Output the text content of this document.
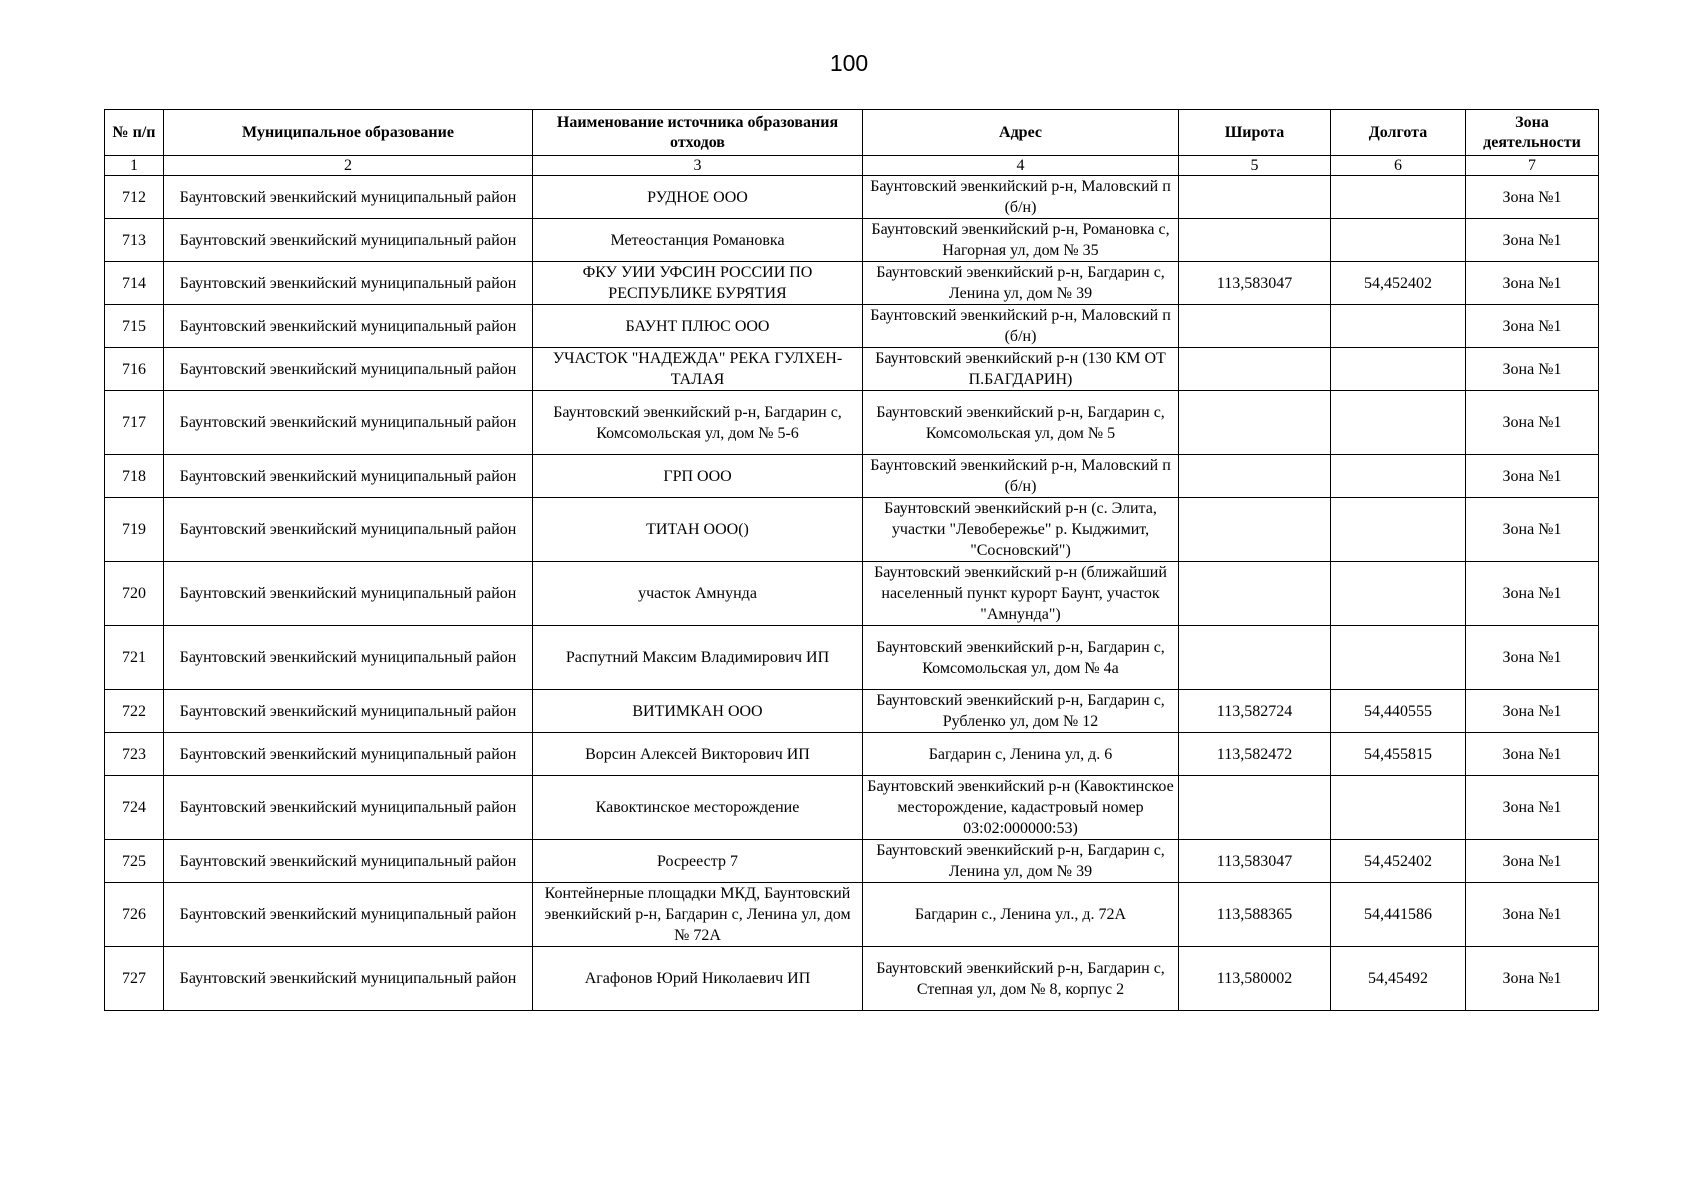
100
№ п/п	Муниципальное образование	Наименование источника образования отходов	Адрес	Широта	Долгота	Зона деятельности
1	2	3	4	5	6	7
712	Баунтовский эвенкийский муниципальный район	РУДНОЕ ООО	Баунтовский эвенкийский р-н, Маловский п (б/н)			Зона №1
713	Баунтовский эвенкийский муниципальный район	Метеостанция Романовка	Баунтовский эвенкийский р-н, Романовка с, Нагорная ул, дом № 35			Зона №1
714	Баунтовский эвенкийский муниципальный район	ФКУ УИИ УФСИН РОССИИ ПО РЕСПУБЛИКЕ БУРЯТИЯ	Баунтовский эвенкийский р-н, Багдарин с, Ленина ул, дом № 39	113,583047	54,452402	Зона №1
715	Баунтовский эвенкийский муниципальный район	БАУНТ ПЛЮС ООО	Баунтовский эвенкийский р-н, Маловский п (б/н)			Зона №1
716	Баунтовский эвенкийский муниципальный район	УЧАСТОК "НАДЕЖДА" РЕКА ГУЛХЕН-ТАЛАЯ	Баунтовский эвенкийский р-н (130 КМ ОТ П.БАГДАРИН)			Зона №1
717	Баунтовский эвенкийский муниципальный район	Баунтовский эвенкийский р-н, Багдарин с, Комсомольская ул, дом № 5-6	Баунтовский эвенкийский р-н, Багдарин с, Комсомольская ул, дом № 5			Зона №1
718	Баунтовский эвенкийский муниципальный район	ГРП ООО	Баунтовский эвенкийский р-н, Маловский п (б/н)			Зона №1
719	Баунтовский эвенкийский муниципальный район	ТИТАН ООО()	Баунтовский эвенкийский р-н (с. Элита, участки "Левобережье" р. Кыджимит, "Сосновский")			Зона №1
720	Баунтовский эвенкийский муниципальный район	участок Амнунда	Баунтовский эвенкийский р-н (ближайший населенный пункт курорт Баунт, участок "Амнунда")			Зона №1
721	Баунтовский эвенкийский муниципальный район	Распутний Максим Владимирович ИП	Баунтовский эвенкийский р-н, Багдарин с, Комсомольская ул, дом № 4а			Зона №1
722	Баунтовский эвенкийский муниципальный район	ВИТИМКАН ООО	Баунтовский эвенкийский р-н, Багдарин с, Рубленко ул, дом № 12	113,582724	54,440555	Зона №1
723	Баунтовский эвенкийский муниципальный район	Ворсин Алексей Викторович ИП	Багдарин с, Ленина ул, д. 6	113,582472	54,455815	Зона №1
724	Баунтовский эвенкийский муниципальный район	Кавоктинское месторождение	Баунтовский эвенкийский р-н (Кавоктинское месторождение, кадастровый номер 03:02:000000:53)			Зона №1
725	Баунтовский эвенкийский муниципальный район	Росреестр 7	Баунтовский эвенкийский р-н, Багдарин с, Ленина ул, дом № 39	113,583047	54,452402	Зона №1
726	Баунтовский эвенкийский муниципальный район	Контейнерные площадки МКД, Баунтовский эвенкийский р-н, Багдарин с, Ленина ул, дом № 72А	Багдарин с., Ленина ул., д. 72А	113,588365	54,441586	Зона №1
727	Баунтовский эвенкийский муниципальный район	Агафонов Юрий Николаевич ИП	Баунтовский эвенкийский р-н, Багдарин с, Степная ул, дом № 8, корпус 2	113,580002	54,45492	Зона №1
